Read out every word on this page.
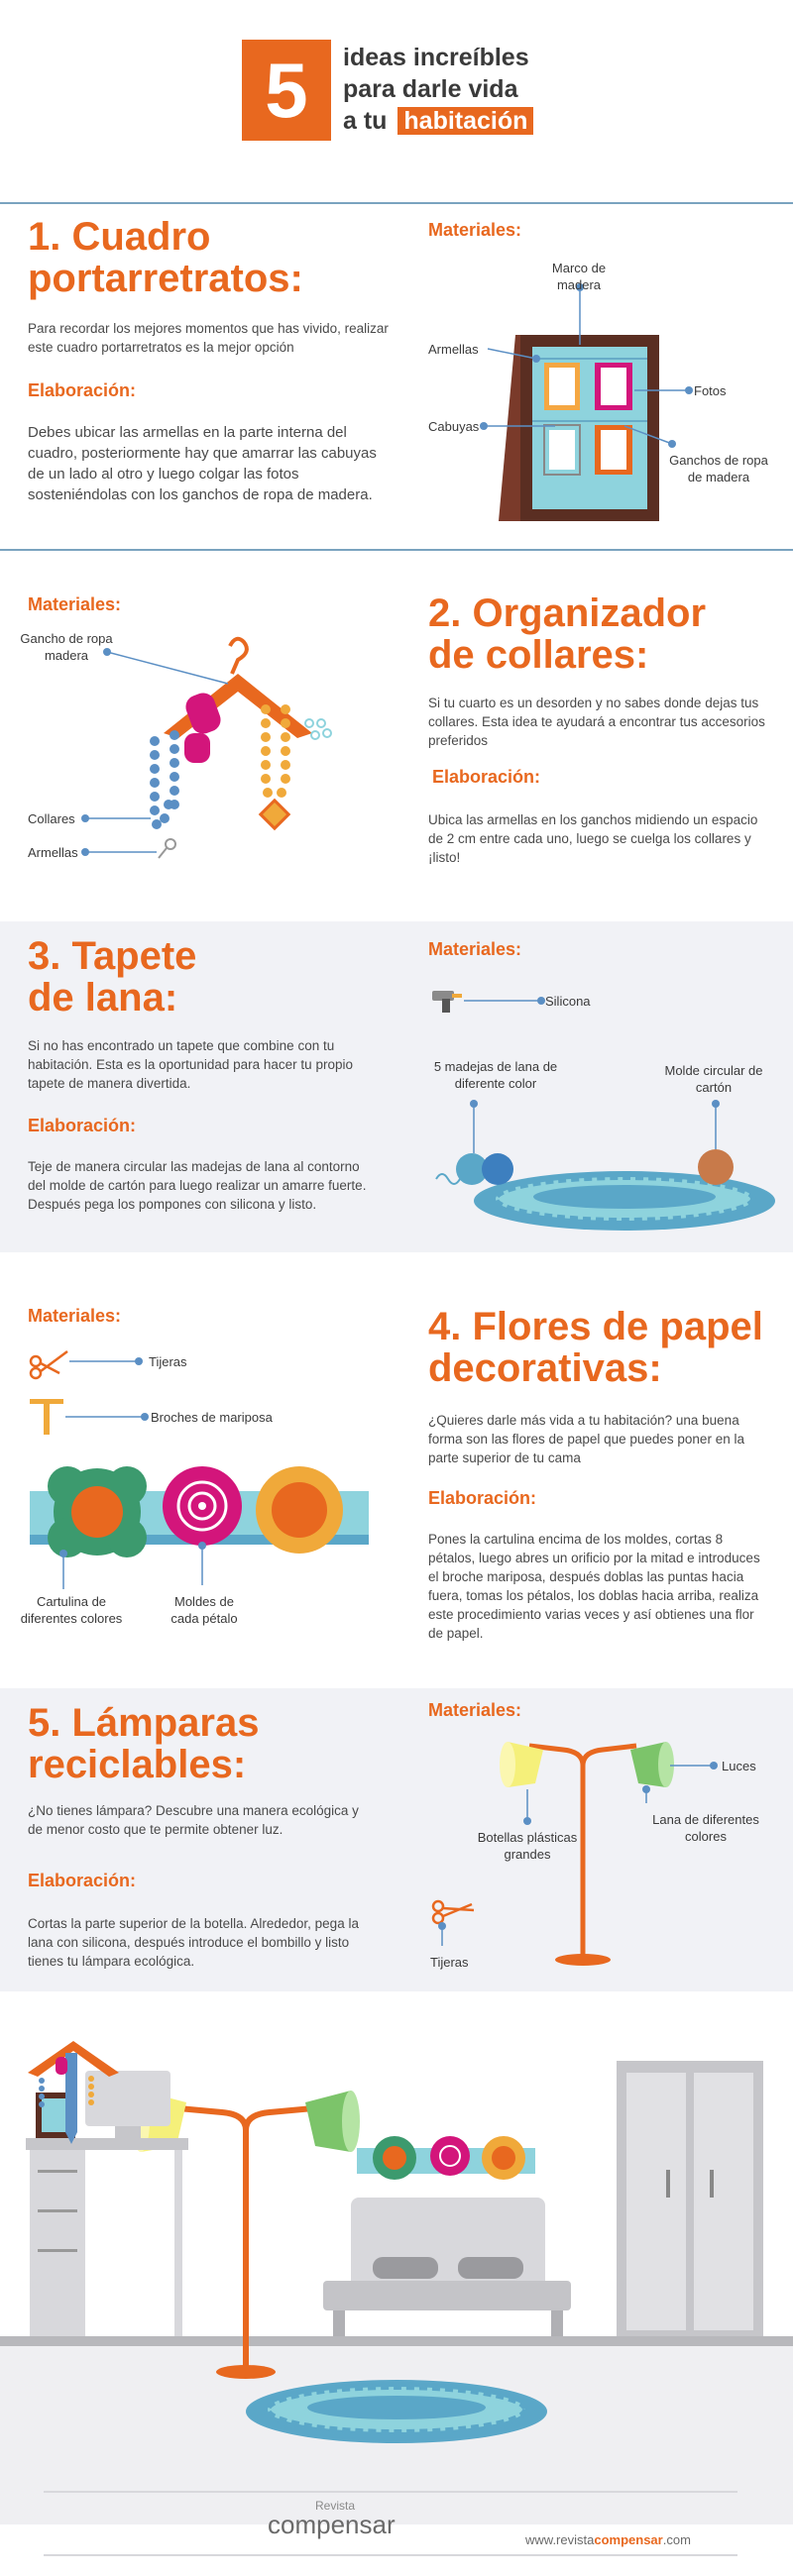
5	ideas increíbles
para darle vida
a tu habitación
1. Cuadro
portarretratos:
Para recordar los mejores momentos que has vivido, realizar este cuadro portarretratos es la mejor opción
Elaboración:
Debes ubicar las armellas en la parte interna del cuadro, posteriormente hay que amarrar las cabuyas de un lado al otro y luego colgar las fotos sosteniéndolas con los ganchos de ropa de madera.
Materiales:
Marco de madera
Armellas
Fotos
Cabuyas
Ganchos de ropa de madera
Materiales:
Gancho de ropa madera
Collares
Armellas
2. Organizador
de collares:
Si tu cuarto es un desorden y no sabes donde dejas tus collares. Esta idea te ayudará a encontrar tus accesorios preferidos
Elaboración:
Ubica las armellas en los ganchos midiendo un espacio de 2 cm entre cada uno, luego se cuelga los collares y ¡listo!
3. Tapete
de lana:
Si no has encontrado un tapete que combine con tu habitación. Esta es la oportunidad para hacer tu propio tapete de manera divertida.
Elaboración:
Teje de manera circular las madejas de lana al contorno del molde de cartón para luego realizar un amarre fuerte. Después pega los pompones con silicona y listo.
Materiales:
Silicona
5 madejas de lana de diferente color
Molde circular de cartón
Materiales:
Tijeras
Broches de mariposa
Cartulina de diferentes colores
Moldes de cada pétalo
4. Flores de papel
decorativas:
¿Quieres darle más vida a tu habitación? una buena forma son las flores de papel que puedes poner en la parte superior de tu cama
Elaboración:
Pones la cartulina encima de los moldes, cortas 8 pétalos, luego abres un orificio por la mitad e introduces el broche mariposa, después doblas las puntas hacia fuera, tomas los pétalos, los doblas hacia arriba, realiza este procedimiento varias veces y así obtienes una flor de papel.
5. Lámparas
reciclables:
¿No tienes lámpara? Descubre una manera ecológica y de menor costo que te permite obtener luz.
Elaboración:
Cortas la parte superior de la botella. Alrededor, pega la lana con silicona, después introduce el bombillo y listo tienes tu lámpara ecológica.
Materiales:
Luces
Botellas plásticas grandes
Lana de diferentes colores
Tijeras
Revista
compensar
www.revistacompensar.com
